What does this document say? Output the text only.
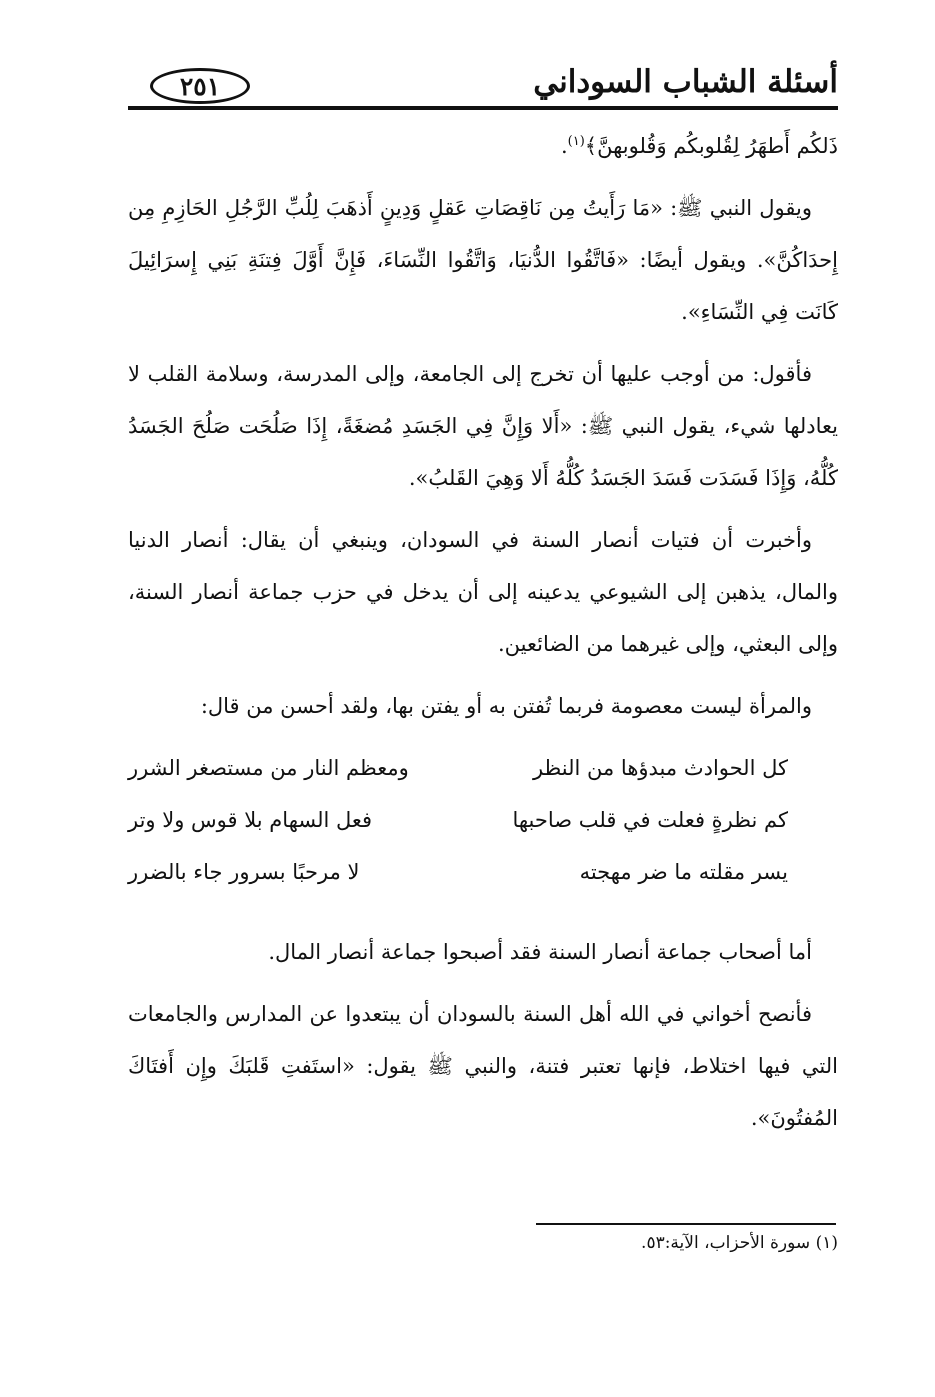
أسئلة الشباب السوداني
٢٥١

ذَلكُم أَطهَرُ لِقُلوبكُم وَقُلوبهنَّ﴾$^{(١)}$.

ويقول النبي ﷺ: «مَا رَأَيتُ مِن نَاقِصَاتِ عَقلٍ وَدِينٍ أَذهَبَ لِلُبِّ الرَّجُلِ الحَازِمِ مِن إِحدَاكُنَّ». ويقول أيضًا: «فَاتَّقُوا الدُّنيَا، وَاتَّقُوا النِّسَاءَ، فَإِنَّ أَوَّلَ فِتنَةِ بَنِي إِسرَائِيلَ كَانَت فِي النِّسَاءِ».

فأقول: من أوجب عليها أن تخرج إلى الجامعة، وإلى المدرسة، وسلامة القلب لا يعادلها شيء، يقول النبي ﷺ: «أَلا وَإِنَّ فِي الجَسَدِ مُضغَةً، إِذَا صَلُحَت صَلُحَ الجَسَدُ كُلُّهُ، وَإِذَا فَسَدَت فَسَدَ الجَسَدُ كُلُّهُ أَلا وَهِيَ القَلبُ».

وأخبرت أن فتيات أنصار السنة في السودان، وينبغي أن يقال: أنصار الدنيا والمال، يذهبن إلى الشيوعي يدعينه إلى أن يدخل في حزب جماعة أنصار السنة، وإلى البعثي، وإلى غيرهما من الضائعين.

والمرأة ليست معصومة فربما تُفتن به أو يفتن بها، ولقد أحسن من قال:

كل الحوادث مبدؤها من النظر
ومعظم النار من مستصغر الشرر
كم نظرةٍ فعلت في قلب صاحبها
فعل السهام بلا قوس ولا وتر
يسر مقلته ما ضر مهجته
لا مرحبًا بسرور جاء بالضرر

أما أصحاب جماعة أنصار السنة فقد أصبحوا جماعة أنصار المال.

فأنصح أخواني في الله أهل السنة بالسودان أن يبتعدوا عن المدارس والجامعات التي فيها اختلاط، فإنها تعتبر فتنة، والنبي ﷺ يقول: «استَفتِ قَلبَكَ وإِن أَفتَاكَ المُفتُونَ».

(١) سورة الأحزاب، الآية:٥٣.
